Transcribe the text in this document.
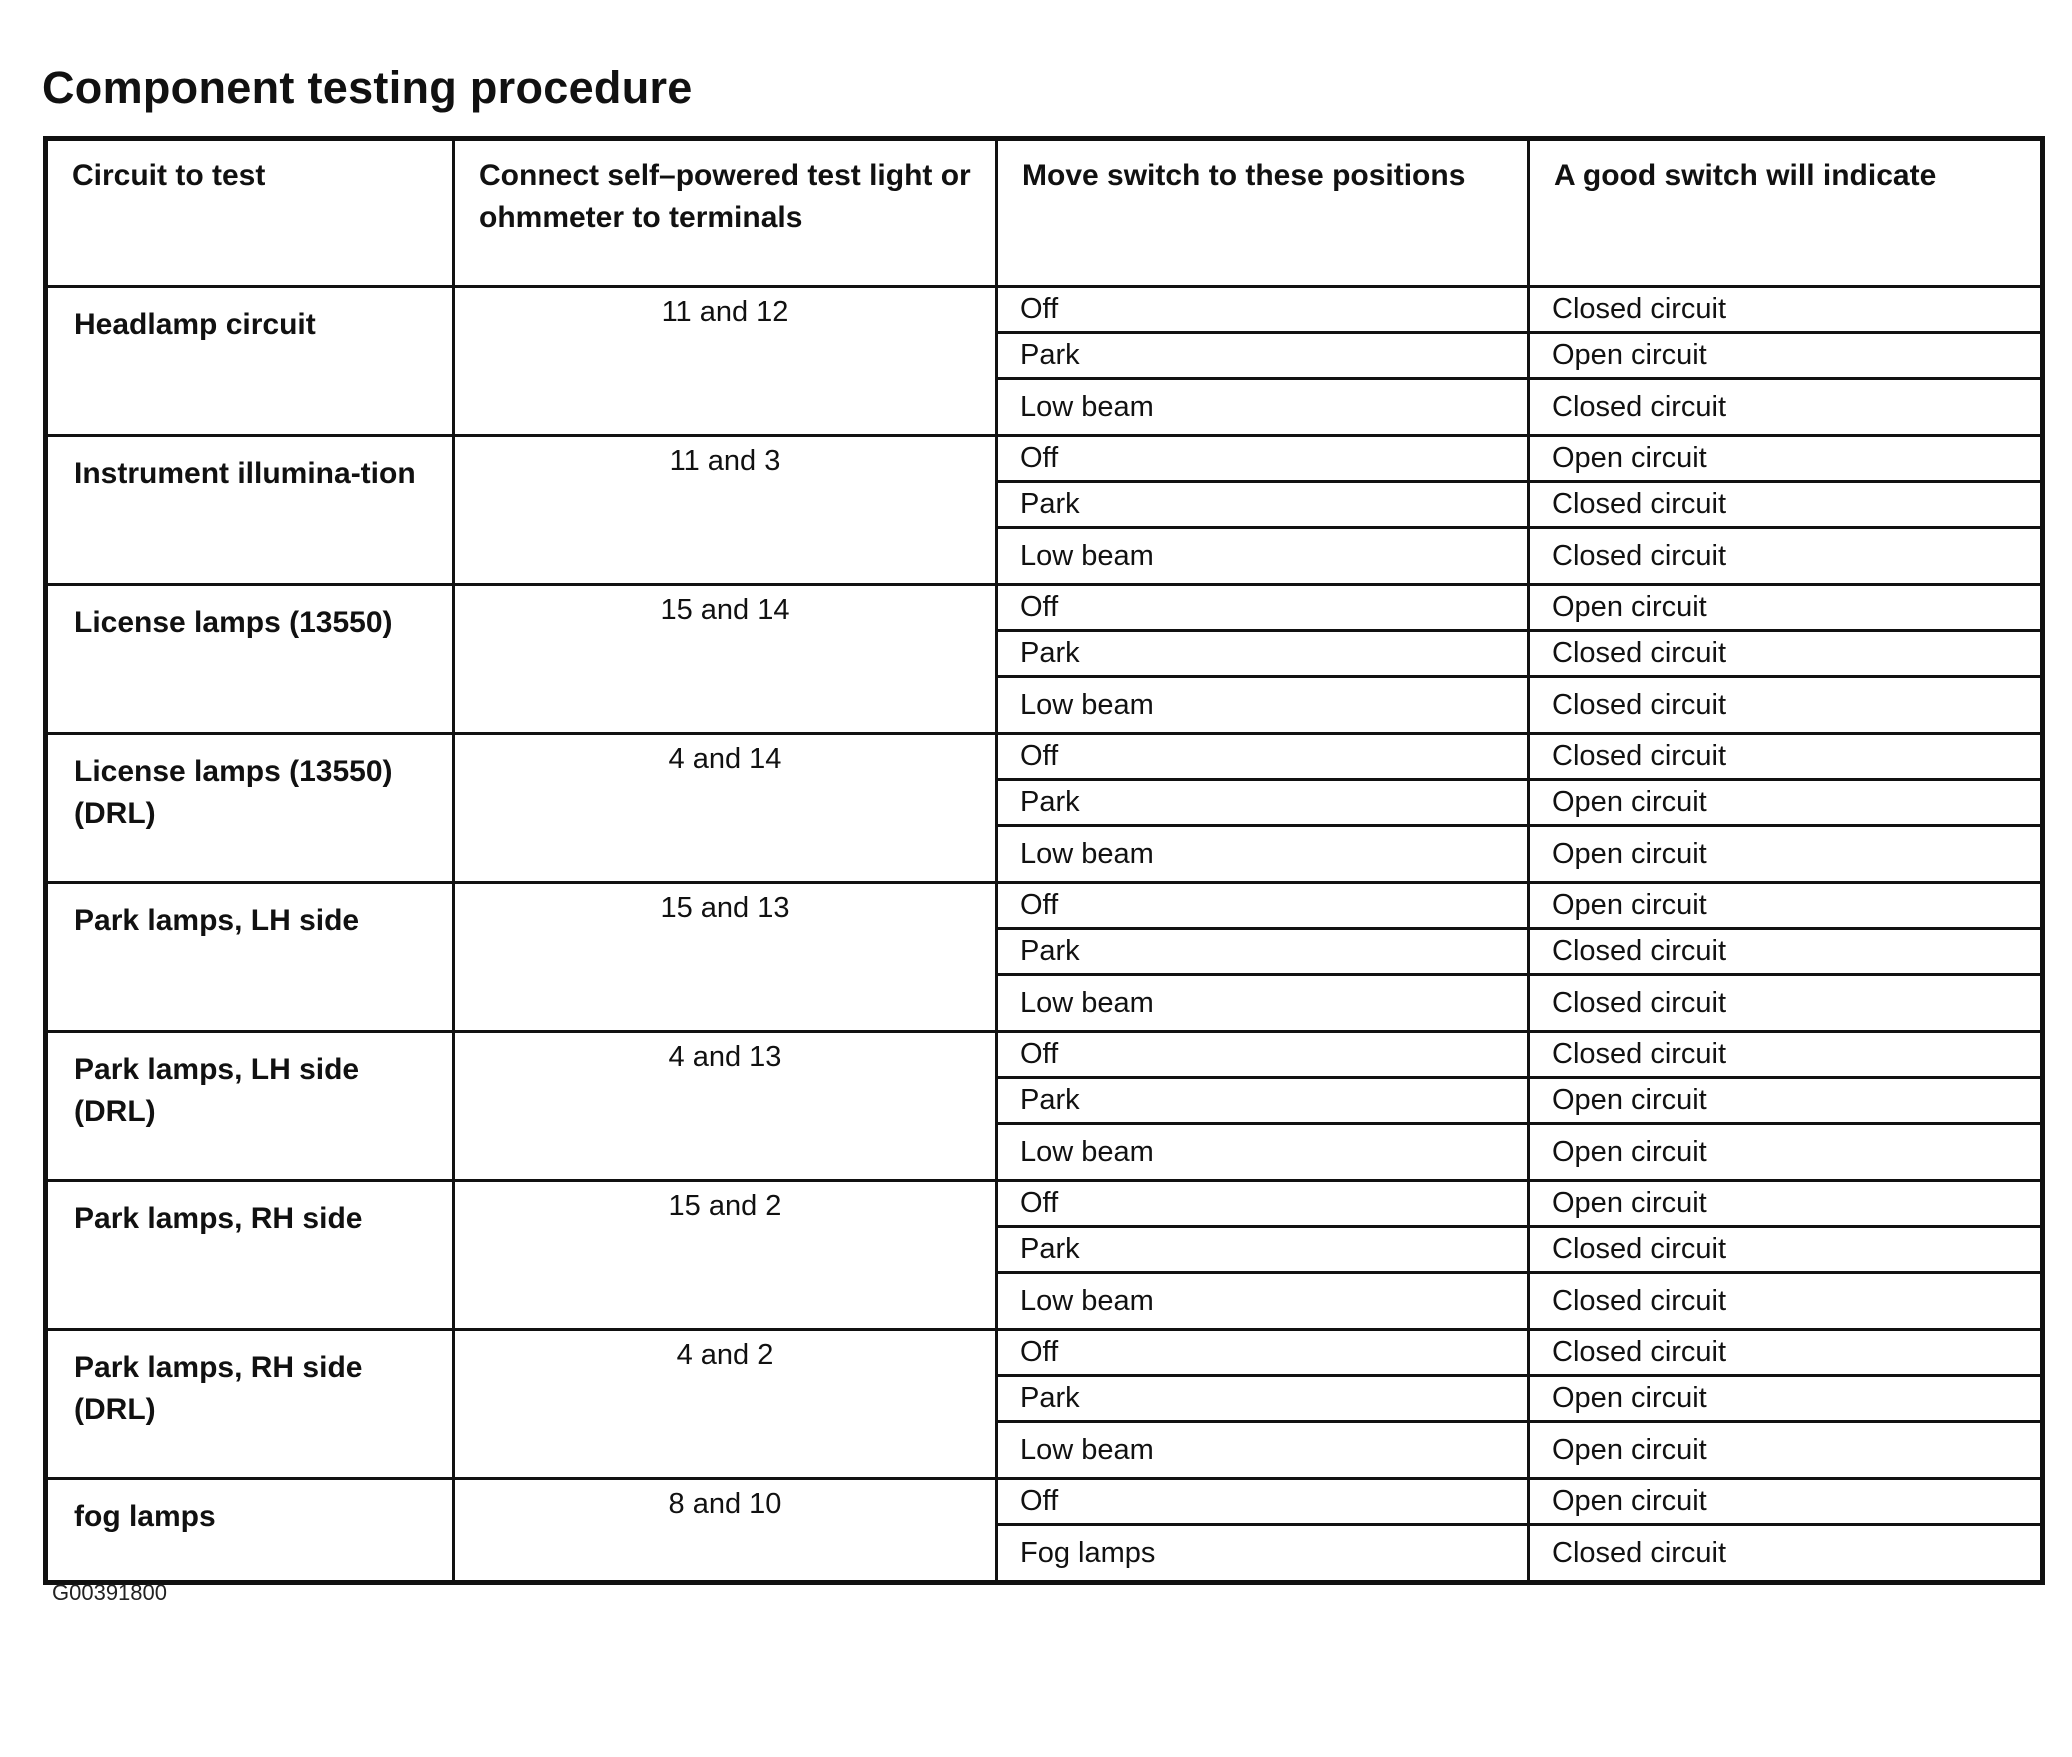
Component testing procedure
Circuit to test	Connect self–powered test light or ohmmeter to terminals	Move switch to these positions	A good switch will indicate
Headlamp circuit	11 and 12	Off	Closed circuit
		Park	Open circuit
		Low beam	Closed circuit
Instrument illumina-tion	11 and 3	Off	Open circuit
		Park	Closed circuit
		Low beam	Closed circuit
License lamps (13550)	15 and 14	Off	Open circuit
		Park	Closed circuit
		Low beam	Closed circuit
License lamps (13550) (DRL)	4 and 14	Off	Closed circuit
		Park	Open circuit
		Low beam	Open circuit
Park lamps, LH side	15 and 13	Off	Open circuit
		Park	Closed circuit
		Low beam	Closed circuit
Park lamps, LH side (DRL)	4 and 13	Off	Closed circuit
		Park	Open circuit
		Low beam	Open circuit
Park lamps, RH side	15 and 2	Off	Open circuit
		Park	Closed circuit
		Low beam	Closed circuit
Park lamps, RH side (DRL)	4 and 2	Off	Closed circuit
		Park	Open circuit
		Low beam	Open circuit
fog lamps	8 and 10	Off	Open circuit
		Fog lamps	Closed circuit
G00391800
